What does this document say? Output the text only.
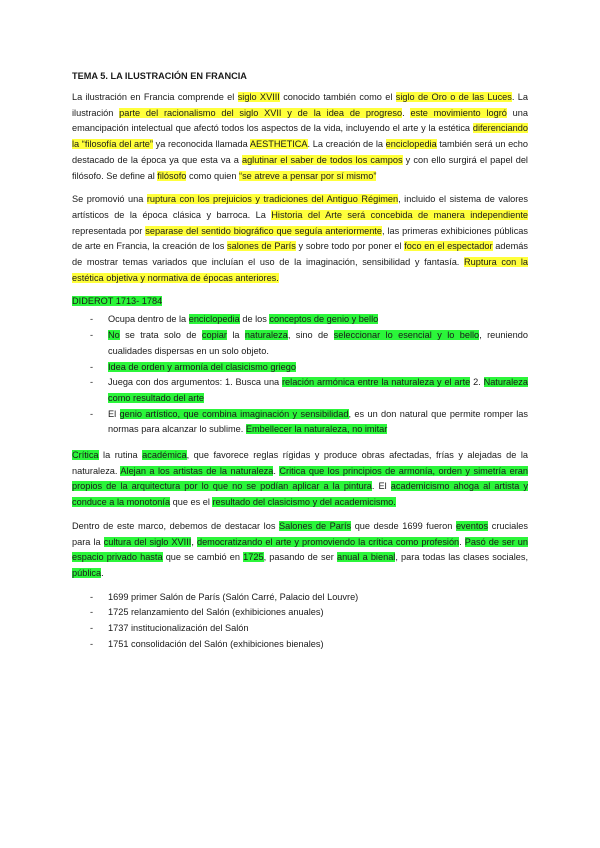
TEMA 5. LA ILUSTRACIÓN EN FRANCIA

La ilustración en Francia comprende el siglo XVIII conocido también como el siglo de Oro o de las Luces. La ilustración parte del racionalismo del siglo XVII y de la idea de progreso. este movimiento logró una emancipación intelectual que afectó todos los aspectos de la vida, incluyendo el arte y la estética diferenciando la “filosofía del arte” ya reconocida llamada AESTHETICA. La creación de la enciclopedia también será un echo destacado de la época ya que esta va a aglutinar el saber de todos los campos y con ello surgirá el papel del filósofo. Se define al filósofo como quien “se atreve a pensar por sí mismo”

Se promovió una ruptura con los prejuicios y tradiciones del Antiguo Régimen, incluido el sistema de valores artísticos de la época clásica y barroca. La Historia del Arte será concebida de manera independiente representada por separase del sentido biográfico que seguía anteriormente, las primeras exhibiciones públicas de arte en Francia, la creación de los salones de París y sobre todo por poner el foco en el espectador además de mostrar temas variados que incluían el uso de la imaginación, sensibilidad y fantasía. Ruptura con la estética objetiva y normativa de épocas anteriores.

DIDEROT 1713- 1784
- Ocupa dentro de la enciclopedia de los conceptos de genio y bello
- No se trata solo de copiar la naturaleza, sino de seleccionar lo esencial y lo bello, reuniendo cualidades dispersas en un solo objeto.
- Idea de orden y armonía del clasicismo griego
- Juega con dos argumentos: 1. Busca una relación armónica entre la naturaleza y el arte 2. Naturaleza como resultado del arte
- El genio artístico, que combina imaginación y sensibilidad, es un don natural que permite romper las normas para alcanzar lo sublime. Embellecer la naturaleza, no imitar

Crítica la rutina académica, que favorece reglas rígidas y produce obras afectadas, frías y alejadas de la naturaleza. Alejan a los artistas de la naturaleza. Critica que los principios de armonía, orden y simetría eran propios de la arquitectura por lo que no se podían aplicar a la pintura. El academicismo ahoga al artista y conduce a la monotonía que es el resultado del clasicismo y del academicismo.

Dentro de este marco, debemos de destacar los Salones de París que desde 1699 fueron eventos cruciales para la cultura del siglo XVIII, democratizando el arte y promoviendo la crítica como profesión. Pasó de ser un espacio privado hasta que se cambió en 1725, pasando de ser anual a bienal, para todas las clases sociales, pública.

- 1699 primer Salón de París (Salón Carré, Palacio del Louvre)
- 1725 relanzamiento del Salón (exhibiciones anuales)
- 1737 institucionalización del Salón
- 1751 consolidación del Salón (exhibiciones bienales)
